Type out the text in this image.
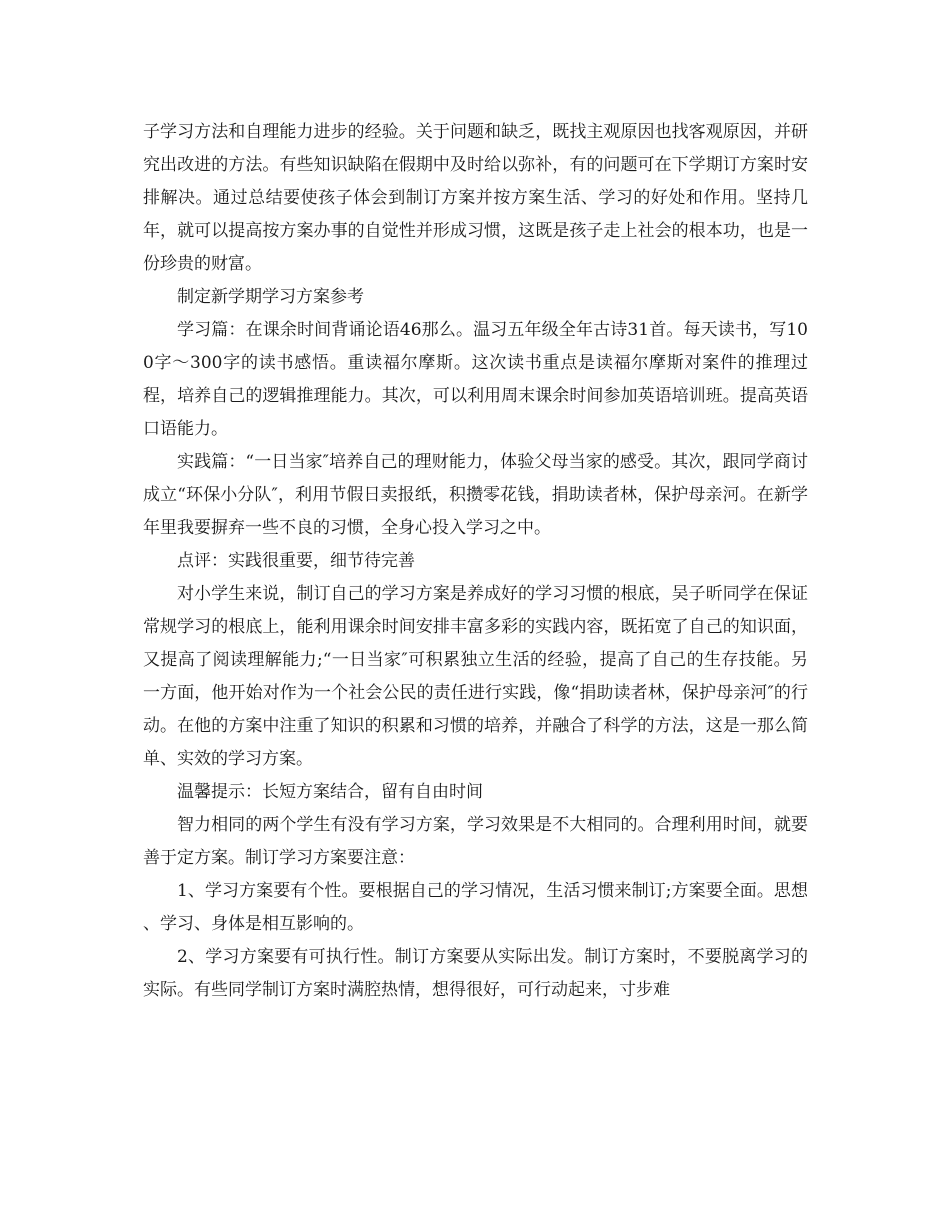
子学习方法和自理能力进步的经验。关于问题和缺乏，既找主观原因也找客观原因，并研究出改进的方法。有些知识缺陷在假期中及时给以弥补，有的问题可在下学期订方案时安排解决。通过总结要使孩子体会到制订方案并按方案生活、学习的好处和作用。坚持几年，就可以提高按方案办事的自觉性并形成习惯，这既是孩子走上社会的根本功，也是一份珍贵的财富。

制定新学期学习方案参考

学习篇：在课余时间背诵论语46那么。温习五年级全年古诗31首。每天读书，写100字～300字的读书感悟。重读福尔摩斯。这次读书重点是读福尔摩斯对案件的推理过程，培养自己的逻辑推理能力。其次，可以利用周末课余时间参加英语培训班。提高英语口语能力。

实践篇：“一日当家″培养自己的理财能力，体验父母当家的感受。其次，跟同学商讨成立“环保小分队″，利用节假日卖报纸，积攒零花钱，捐助读者林，保护母亲河。在新学年里我要摒弃一些不良的习惯，全身心投入学习之中。

点评：实践很重要，细节待完善

对小学生来说，制订自己的学习方案是养成好的学习习惯的根底，吴子昕同学在保证常规学习的根底上，能利用课余时间安排丰富多彩的实践内容，既拓宽了自己的知识面，又提高了阅读理解能力;“一日当家″可积累独立生活的经验，提高了自己的生存技能。另一方面，他开始对作为一个社会公民的责任进行实践，像“捐助读者林，保护母亲河″的行动。在他的方案中注重了知识的积累和习惯的培养，并融合了科学的方法，这是一那么简单、实效的学习方案。

温馨提示：长短方案结合，留有自由时间

智力相同的两个学生有没有学习方案，学习效果是不大相同的。合理利用时间，就要善于定方案。制订学习方案要注意：

1、学习方案要有个性。要根据自己的学习情况，生活习惯来制订;方案要全面。思想 、学习、身体是相互影响的。

2、学习方案要有可执行性。制订方案要从实际出发。制订方案时，不要脱离学习的实际。有些同学制订方案时满腔热情，想得很好，可行动起来，寸步难
